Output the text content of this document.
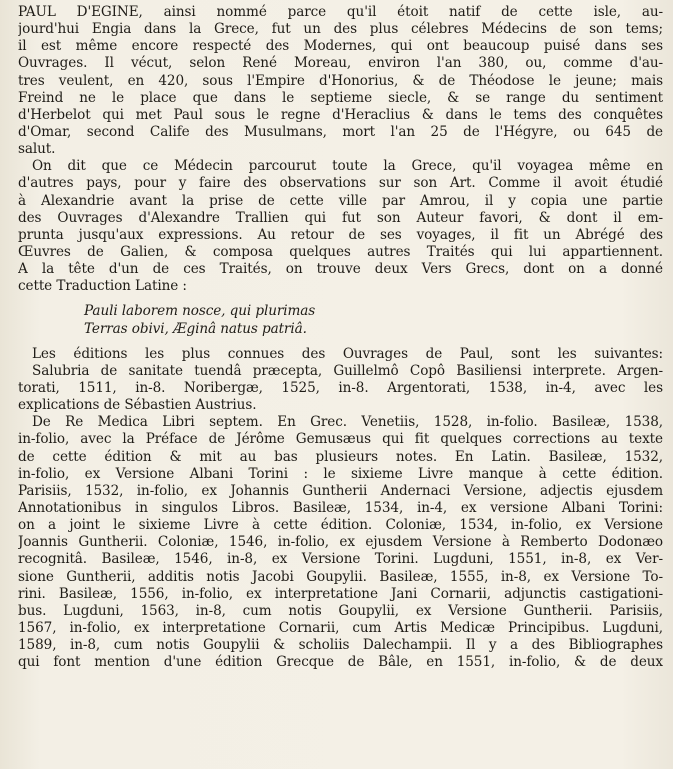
PAUL D'EGINE, ainsi nommé parce qu'il étoit natif de cette isle, au-
jourd'hui Engia dans la Grece, fut un des plus célebres Médecins de son tems;
il est même encore respecté des Modernes, qui ont beaucoup puisé dans ses
Ouvrages. Il vécut, selon René Moreau, environ l'an 380, ou, comme d'au-
tres veulent, en 420, sous l'Empire d'Honorius, & de Théodose le jeune; mais
Freind ne le place que dans le septieme siecle, & se range du sentiment
d'Herbelot qui met Paul sous le regne d'Heraclius & dans le tems des conquêtes
d'Omar, second Calife des Musulmans, mort l'an 25 de l'Hégyre, ou 645 de
salut.
On dit que ce Médecin parcourut toute la Grece, qu'il voyagea même en
d'autres pays, pour y faire des observations sur son Art. Comme il avoit étudié
à Alexandrie avant la prise de cette ville par Amrou, il y copia une partie
des Ouvrages d'Alexandre Trallien qui fut son Auteur favori, & dont il em-
prunta jusqu'aux expressions. Au retour de ses voyages, il fit un Abrégé des
Œuvres de Galien, & composa quelques autres Traités qui lui appartiennent.
A la tête d'un de ces Traités, on trouve deux Vers Grecs, dont on a donné
cette Traduction Latine :
Pauli laborem nosce, qui plurimas
Terras obivi, Æginâ natus patriâ.
Les éditions les plus connues des Ouvrages de Paul, sont les suivantes:
Salubria de sanitate tuendâ præcepta, Guillelmô Copô Basiliensi interprete. Argen-
torati, 1511, in-8. Noribergæ, 1525, in-8. Argentorati, 1538, in-4, avec les
explications de Sébastien Austrius.
De Re Medica Libri septem. En Grec. Venetiis, 1528, in-folio. Basileæ, 1538,
in-folio, avec la Préface de Jérôme Gemusæus qui fit quelques corrections au texte
de cette édition & mit au bas plusieurs notes. En Latin. Basileæ, 1532,
in-folio, ex Versione Albani Torini : le sixieme Livre manque à cette édition.
Parisiis, 1532, in-folio, ex Johannis Guntherii Andernaci Versione, adjectis ejusdem
Annotationibus in singulos Libros. Basileæ, 1534, in-4, ex versione Albani Torini:
on a joint le sixieme Livre à cette édition. Coloniæ, 1534, in-folio, ex Versione
Joannis Guntherii. Coloniæ, 1546, in-folio, ex ejusdem Versione à Remberto Dodonæo
recognitâ. Basileæ, 1546, in-8, ex Versione Torini. Lugduni, 1551, in-8, ex Ver-
sione Guntherii, additis notis Jacobi Goupylii. Basileæ, 1555, in-8, ex Versione To-
rini. Basileæ, 1556, in-folio, ex interpretatione Jani Cornarii, adjunctis castigationi-
bus. Lugduni, 1563, in-8, cum notis Goupylii, ex Versione Guntherii. Parisiis,
1567, in-folio, ex interpretatione Cornarii, cum Artis Medicæ Principibus. Lugduni,
1589, in-8, cum notis Goupylii & scholiis Dalechampii. Il y a des Bibliographes
qui font mention d'une édition Grecque de Bâle, en 1551, in-folio, & de deux
